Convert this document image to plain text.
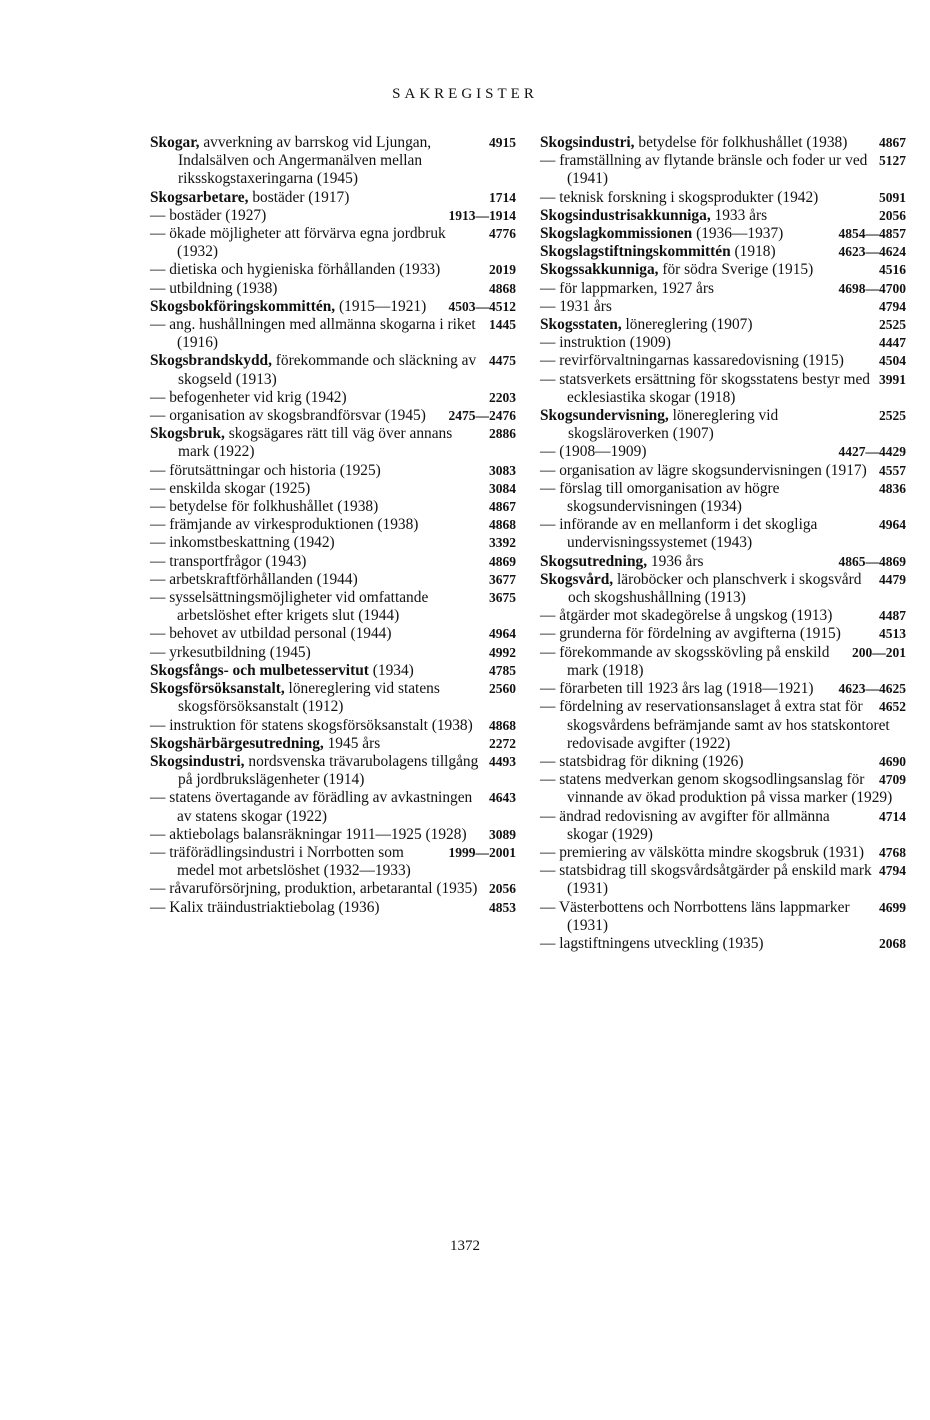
SAKREGISTER

4915
Skogar, avverkning av barrskog vid Ljungan, Indalsälven och Angermanälven mellan riksskogstaxeringarna (1945)

1714
Skogsarbetare, bostäder (1917)

1913—1914
— bostäder (1927)

4776
— ökade möjligheter att förvärva egna jordbruk (1932)

2019
— dietiska och hygieniska förhållanden (1933)

4868
— utbildning (1938)

4503—4512
Skogsbokföringskommittén, (1915—1921)

1445
— ang. hushållningen med allmänna skogarna i riket (1916)

4475
Skogsbrandskydd, förekommande och släckning av skogseld (1913)

2203
— befogenheter vid krig (1942)

2475—2476
— organisation av skogsbrandförsvar (1945)

2886
Skogsbruk, skogsägares rätt till väg över annans mark (1922)

3083
— förutsättningar och historia (1925)

3084
— enskilda skogar (1925)

4867
— betydelse för folkhushållet (1938)

4868
— främjande av virkesproduktionen (1938)

3392
— inkomstbeskattning (1942)

4869
— transportfrågor (1943)

3677
— arbetskraftförhållanden (1944)

3675
— sysselsättningsmöjligheter vid omfattande arbetslöshet efter krigets slut (1944)

4964
— behovet av utbildad personal (1944)

4992
— yrkesutbildning (1945)

4785
Skogsfångs- och mulbetesservitut (1934)

2560
Skogsförsöksanstalt, lönereglering vid statens skogsförsöksanstalt (1912)

4868
— instruktion för statens skogsförsöksanstalt (1938)

2272
Skogshärbärgesutredning, 1945 års

4493
Skogsindustri, nordsvenska trävarubolagens tillgång på jordbrukslägenheter (1914)

4643
— statens övertagande av förädling av avkastningen av statens skogar (1922)

3089
— aktiebolags balansräkningar 1911—1925 (1928)

1999—2001
— träförädlingsindustri i Norrbotten som medel mot arbetslöshet (1932—1933)

2056
— råvaruförsörjning, produktion, arbetarantal (1935)

4853
— Kalix träindustriaktiebolag (1936)

4867
Skogsindustri, betydelse för folkhushållet (1938)

5127
— framställning av flytande bränsle och foder ur ved (1941)

5091
— teknisk forskning i skogsprodukter (1942)

2056
Skogsindustrisakkunniga, 1933 års

4854—4857
Skogslagkommissionen (1936—1937)

4623—4624
Skogslagstiftningskommittén (1918)

4516
Skogssakkunniga, för södra Sverige (1915)

4698—4700
— för lappmarken, 1927 års

4794
— 1931 års

2525
Skogsstaten, lönereglering (1907)

4447
— instruktion (1909)

4504
— revirförvaltningarnas kassaredovisning (1915)

3991
— statsverkets ersättning för skogsstatens bestyr med ecklesiastika skogar (1918)

2525
Skogsundervisning, lönereglering vid skogsläroverken (1907)

4427—4429
— (1908—1909)

4557
— organisation av lägre skogsundervisningen (1917)

4836
— förslag till omorganisation av högre skogsundervisningen (1934)

4964
— införande av en mellanform i det skogliga undervisningssystemet (1943)

4865—4869
Skogsutredning, 1936 års

4479
Skogsvård, läroböcker och planschverk i skogsvård och skogshushållning (1913)

4487
— åtgärder mot skadegörelse å ungskog (1913)

4513
— grunderna för fördelning av avgifterna (1915)

200—201
— förekommande av skogsskövling på enskild mark (1918)

4623—4625
— förarbeten till 1923 års lag (1918—1921)

4652
— fördelning av reservationsanslaget å extra stat för skogsvårdens befrämjande samt av hos statskontoret redovisade avgifter (1922)

4690
— statsbidrag för dikning (1926)

4709
— statens medverkan genom skogsodlingsanslag för vinnande av ökad produktion på vissa marker (1929)

4714
— ändrad redovisning av avgifter för allmänna skogar (1929)

4768
— premiering av välskötta mindre skogsbruk (1931)

4794
— statsbidrag till skogsvårdsåtgärder på enskild mark (1931)

4699
— Västerbottens och Norrbottens läns lappmarker (1931)

2068
— lagstiftningens utveckling (1935)

1372
